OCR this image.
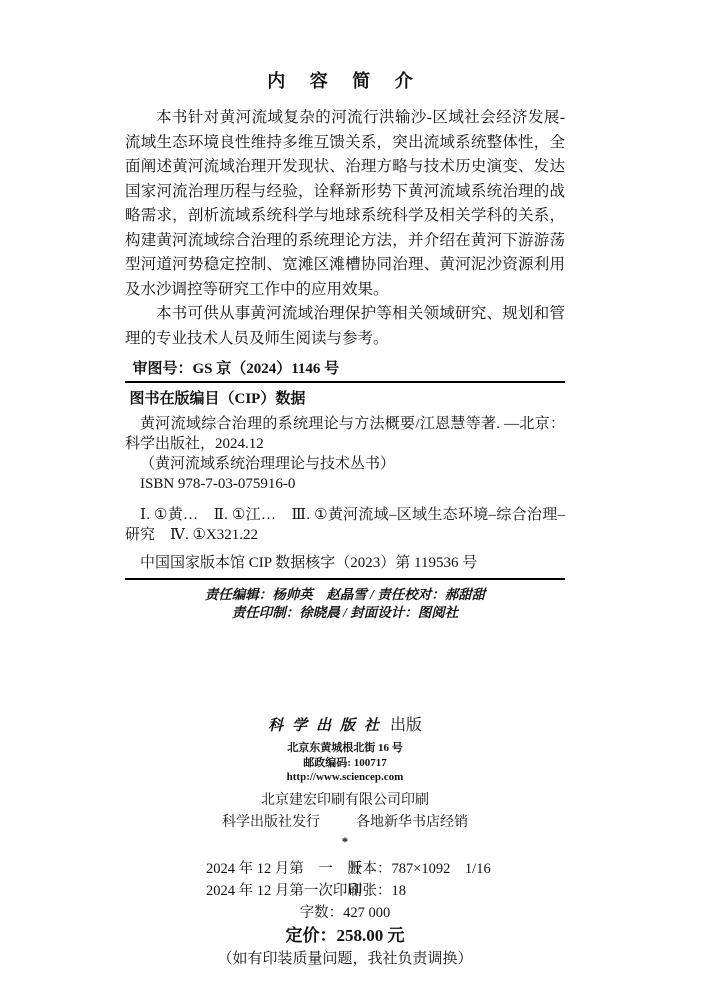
内 容 简 介

本书针对黄河流域复杂的河流行洪输沙-区域社会经济发展-流域生态环境良性维持多维互馈关系，突出流域系统整体性，全面阐述黄河流域治理开发现状、治理方略与技术历史演变、发达国家河流治理历程与经验，诠释新形势下黄河流域系统治理的战略需求，剖析流域系统科学与地球系统科学及相关学科的关系，构建黄河流域综合治理的系统理论方法，并介绍在黄河下游游荡型河道河势稳定控制、宽滩区滩槽协同治理、黄河泥沙资源利用及水沙调控等研究工作中的应用效果。

本书可供从事黄河流域治理保护等相关领域研究、规划和管理的专业技术人员及师生阅读与参考。

审图号：GS 京（2024）1146 号
图书在版编目（CIP）数据

黄河流域综合治理的系统理论与方法概要/江恩慧等著. —北京：科学出版社，2024.12

（黄河流域系统治理理论与技术丛书）

ISBN 978-7-03-075916-0

Ⅰ. ①黄…　Ⅱ. ①江…　Ⅲ. ①黄河流域–区域生态环境–综合治理–研究　Ⅳ. ①X321.22

中国国家版本馆 CIP 数据核字（2023）第 119536 号

责任编辑：杨帅英　赵晶雪 / 责任校对：郝甜甜
责任印制：徐晓晨 / 封面设计：图阅社
科学出版社 出版
北京东黄城根北街 16 号
邮政编码: 100717
http://www.sciencep.com
北京建宏印刷有限公司印刷
科学出版社发行	各地新华书店经销
*
2024 年 12 月第　一　版
开本：787×1092　1/16
2024 年 12 月第一次印刷
印张：18
字数：427 000
定价：258.00 元
（如有印装质量问题，我社负责调换）
